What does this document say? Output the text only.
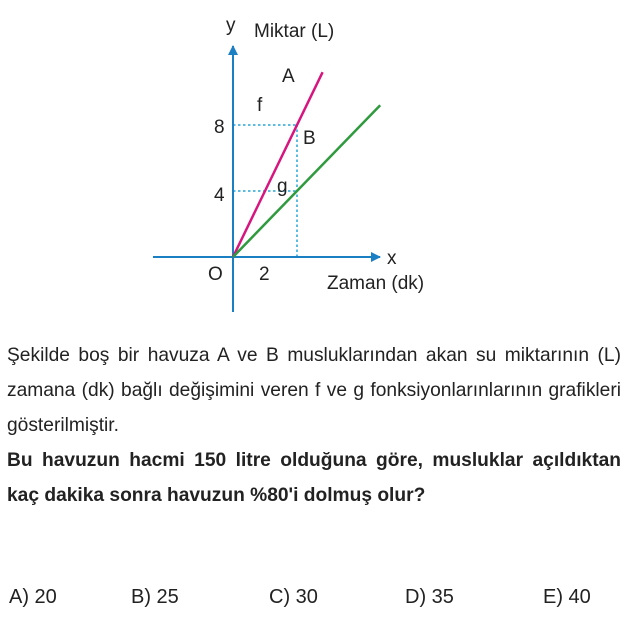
y Miktar (L)
x
Zaman (dk)
O 2
4
8
A
B
f
g

Şekilde boş bir havuza A ve B musluklarından akan su miktarının (L) zamana (dk) bağlı değişimini veren f ve g fonksiyonlarınlarının grafikleri gösterilmiştir.

Bu havuzun hacmi 150 litre olduğuna göre, musluklar açıldıktan kaç dakika sonra havuzun %80'i dolmuş olur?

A) 20	B) 25	C) 30	D) 35	E) 40
